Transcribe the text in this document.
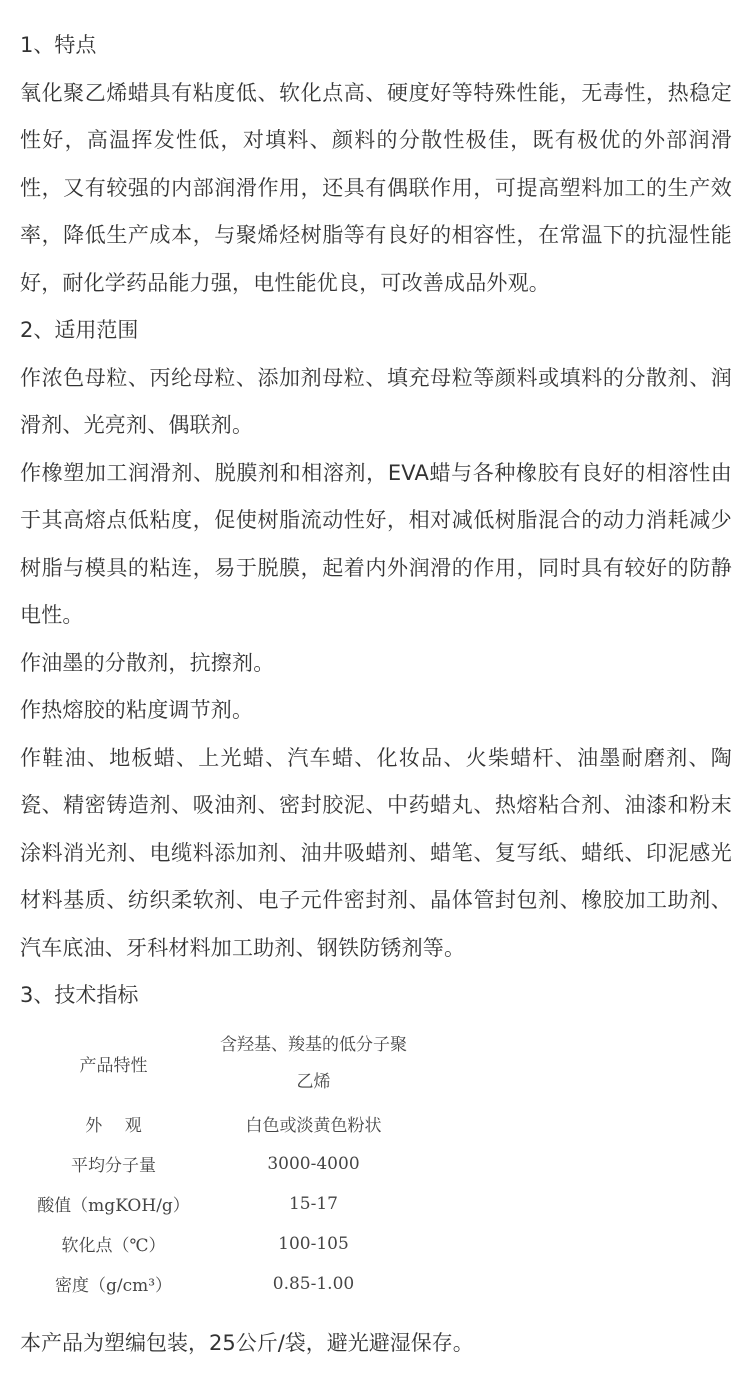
1、特点

氧化聚乙烯蜡具有粘度低、软化点高、硬度好等特殊性能，无毒性，热稳定性好，高温挥发性低，对填料、颜料的分散性极佳，既有极优的外部润滑性，又有较强的内部润滑作用，还具有偶联作用，可提高塑料加工的生产效率，降低生产成本，与聚烯烃树脂等有良好的相容性，在常温下的抗湿性能好，耐化学药品能力强，电性能优良，可改善成品外观。

2、适用范围

作浓色母粒、丙纶母粒、添加剂母粒、填充母粒等颜料或填料的分散剂、润滑剂、光亮剂、偶联剂。

作橡塑加工润滑剂、脱膜剂和相溶剂，EVA蜡与各种橡胶有良好的相溶性由于其高熔点低粘度，促使树脂流动性好，相对减低树脂混合的动力消耗减少树脂与模具的粘连，易于脱膜，起着内外润滑的作用，同时具有较好的防静电性。

作油墨的分散剂，抗擦剂。

作热熔胶的粘度调节剂。

作鞋油、地板蜡、上光蜡、汽车蜡、化妆品、火柴蜡杆、油墨耐磨剂、陶瓷、精密铸造剂、吸油剂、密封胶泥、中药蜡丸、热熔粘合剂、油漆和粉末涂料消光剂、电缆料添加剂、油井吸蜡剂、蜡笔、复写纸、蜡纸、印泥感光材料基质、纺织柔软剂、电子元件密封剂、晶体管封包剂、橡胶加工助剂、汽车底油、牙科材料加工助剂、钢铁防锈剂等。

3、技术指标

产品特性	含羟基、羧基的低分子聚
乙烯

外　 观	白色或淡黄色粉状
平均分子量	3000-4000
酸值（mgKOH/g）	15-17
软化点（℃）	100-105
密度（g/cm³）	0.85-1.00

本产品为塑编包装，25公斤/袋，避光避湿保存。
